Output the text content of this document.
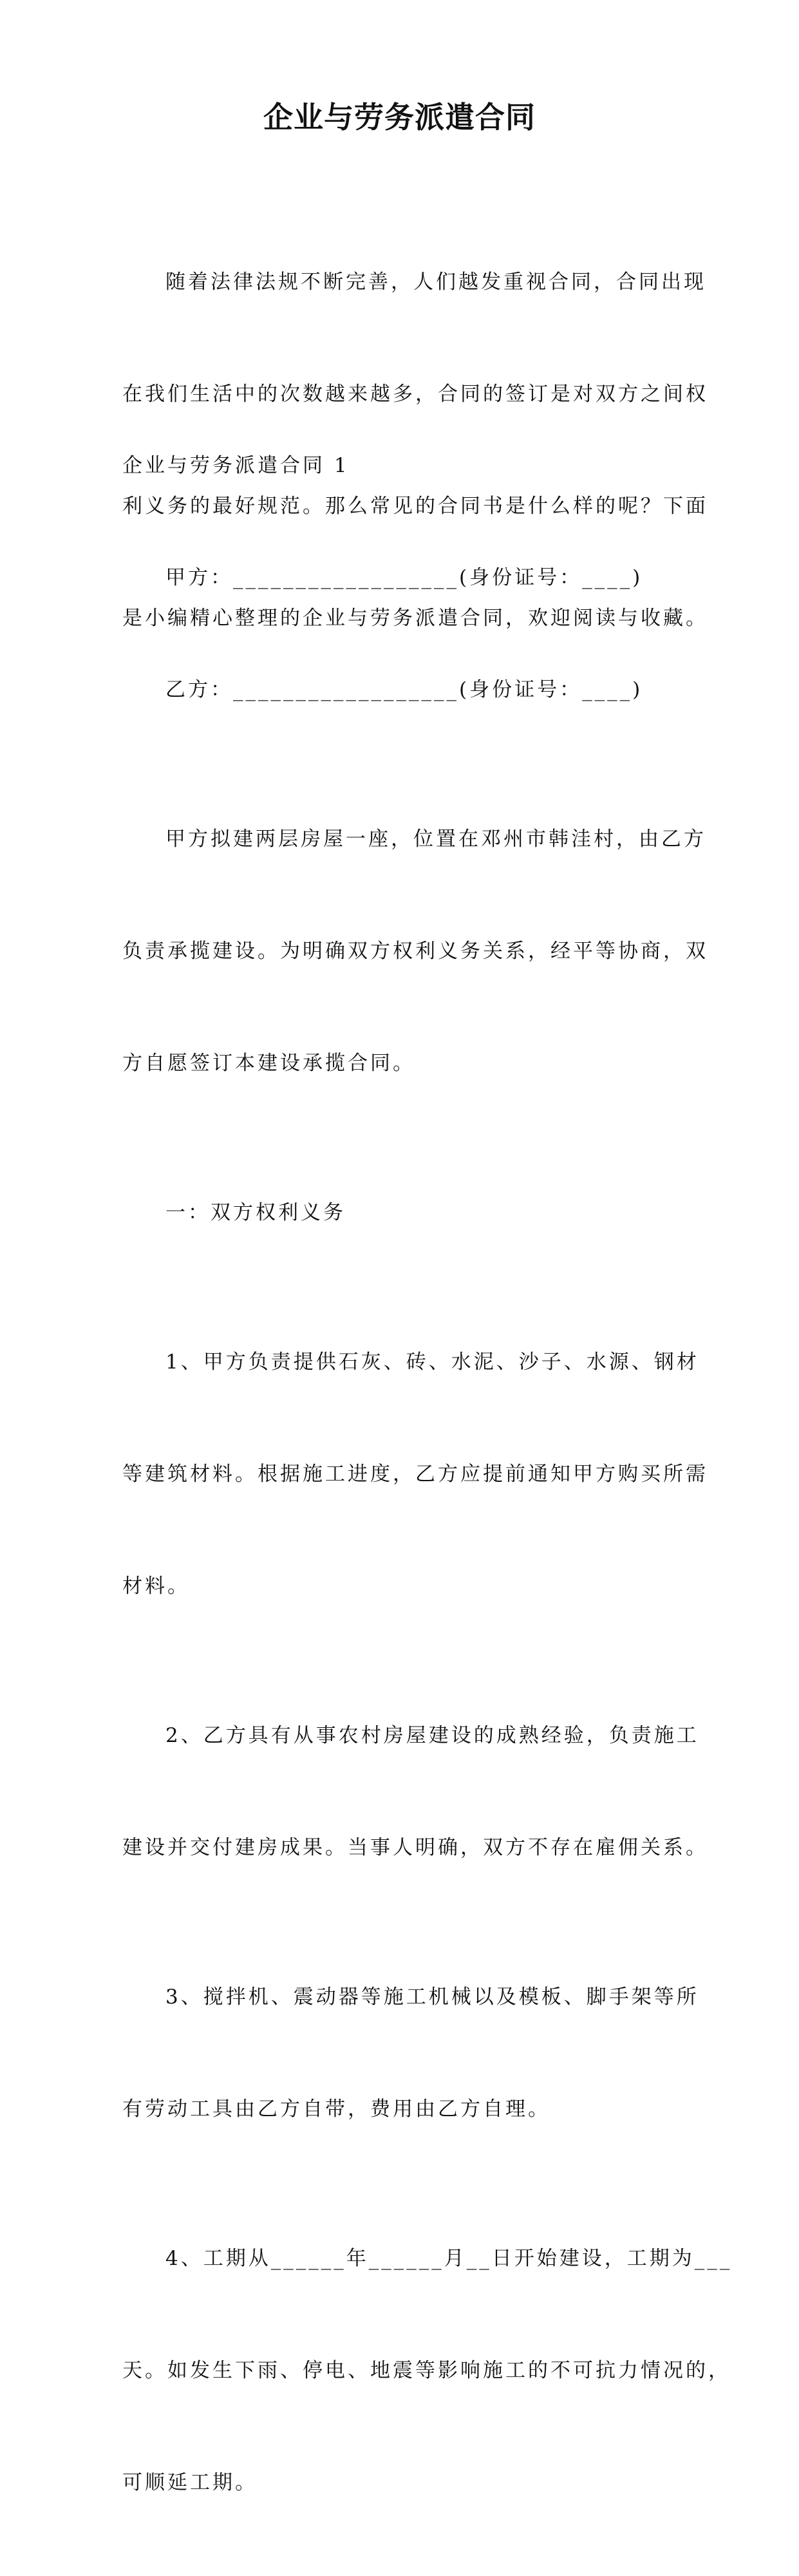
企业与劳务派遣合同

随着法律法规不断完善，人们越发重视合同，合同出现

在我们生活中的次数越来越多，合同的签订是对双方之间权

利义务的最好规范。那么常见的合同书是什么样的呢？下面

是小编精心整理的企业与劳务派遣合同，欢迎阅读与收藏。

企业与劳务派遣合同 1

甲方：__________________(身份证号：____)

乙方：__________________(身份证号：____)

甲方拟建两层房屋一座，位置在邓州市韩洼村，由乙方

负责承揽建设。为明确双方权利义务关系，经平等协商，双

方自愿签订本建设承揽合同。

一：双方权利义务

1、甲方负责提供石灰、砖、水泥、沙子、水源、钢材

等建筑材料。根据施工进度，乙方应提前通知甲方购买所需

材料。

2、乙方具有从事农村房屋建设的成熟经验，负责施工

建设并交付建房成果。当事人明确，双方不存在雇佣关系。

3、搅拌机、震动器等施工机械以及模板、脚手架等所

有劳动工具由乙方自带，费用由乙方自理。

4、工期从______年______月__日开始建设，工期为___

天。如发生下雨、停电、地震等影响施工的不可抗力情况的，

可顺延工期。
